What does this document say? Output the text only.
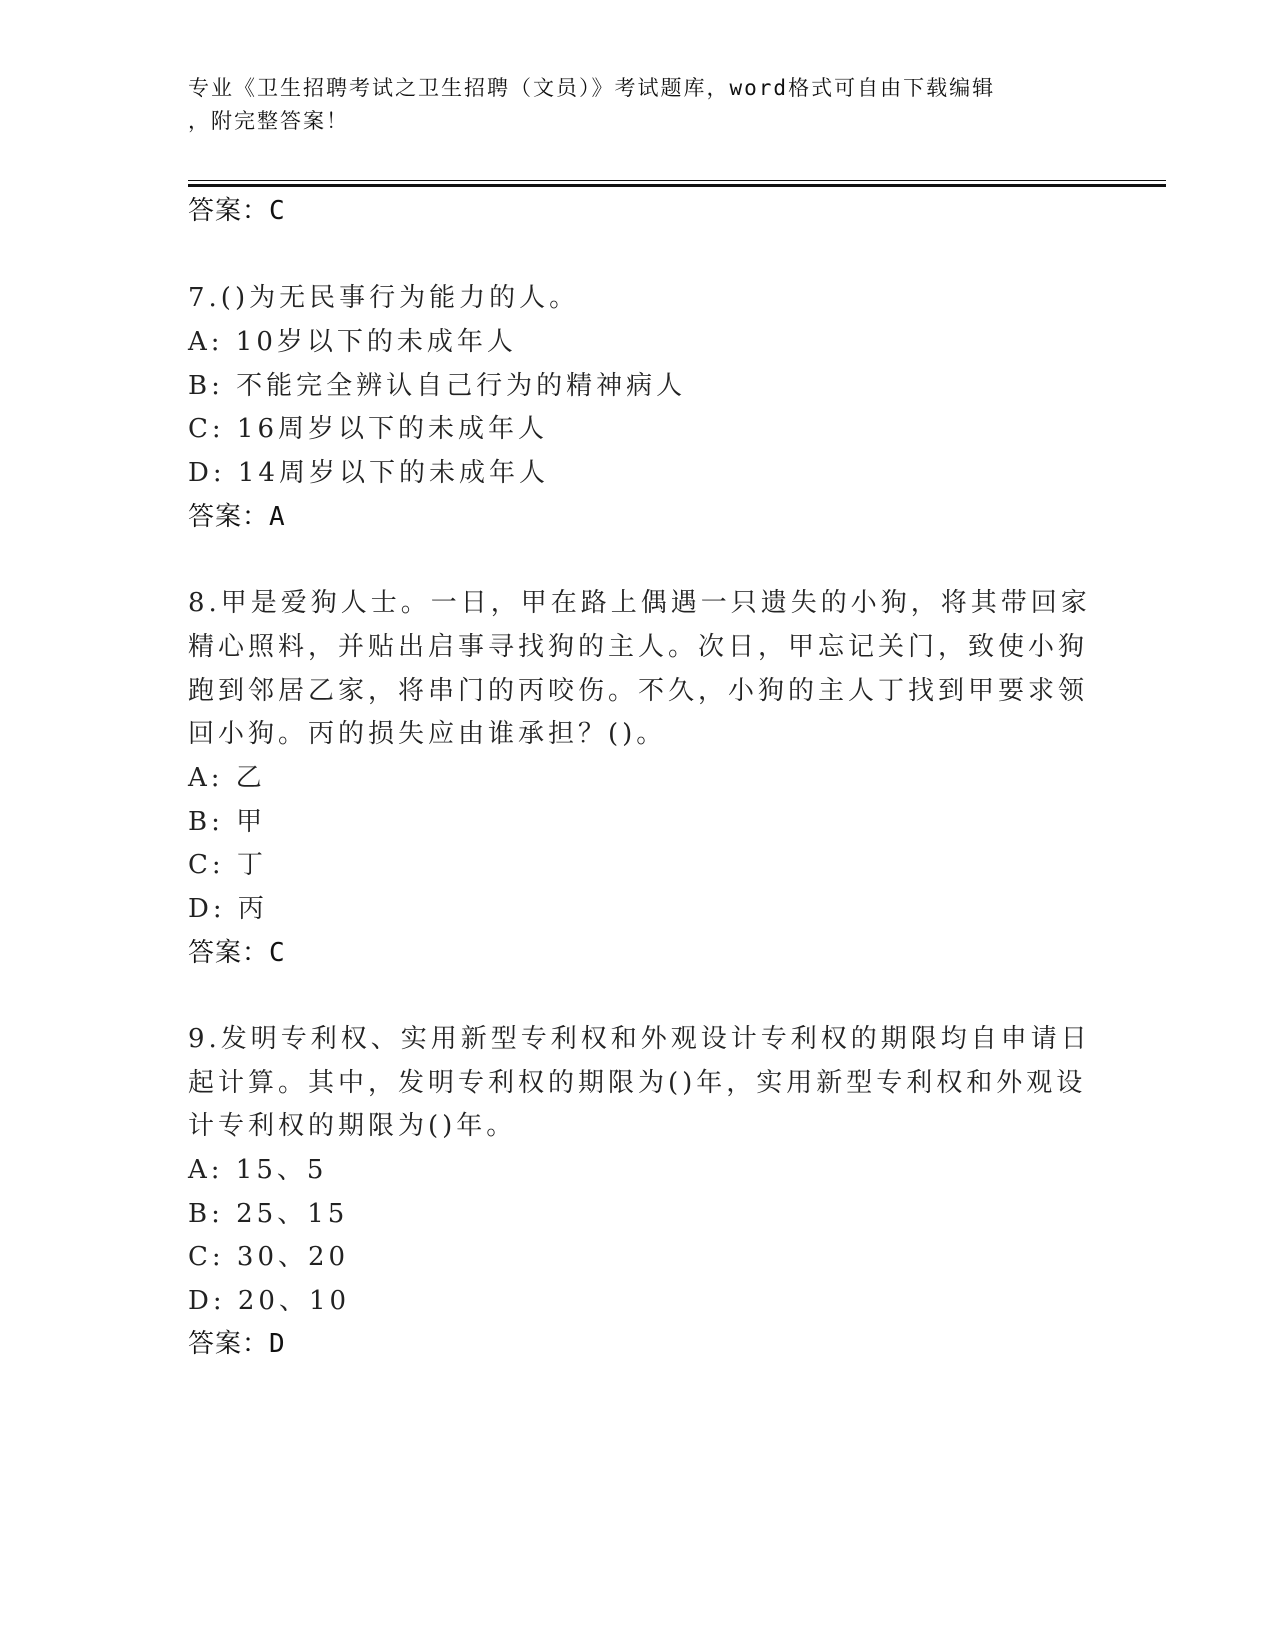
专业《卫生招聘考试之卫生招聘（文员）》考试题库，word格式可自由下载编辑
，附完整答案！
答案：C
7.()为无民事行为能力的人。
A: 10岁以下的未成年人
B: 不能完全辨认自己行为的精神病人
C: 16周岁以下的未成年人
D: 14周岁以下的未成年人
答案：A
8.甲是爱狗人士。一日，甲在路上偶遇一只遗失的小狗，将其带回家
精心照料，并贴出启事寻找狗的主人。次日，甲忘记关门，致使小狗
跑到邻居乙家，将串门的丙咬伤。不久，小狗的主人丁找到甲要求领
回小狗。丙的损失应由谁承担？()。
A: 乙
B: 甲
C: 丁
D: 丙
答案：C
9.发明专利权、实用新型专利权和外观设计专利权的期限均自申请日
起计算。其中，发明专利权的期限为()年，实用新型专利权和外观设
计专利权的期限为()年。
A: 15、5
B: 25、15
C: 30、20
D: 20、10
答案：D
